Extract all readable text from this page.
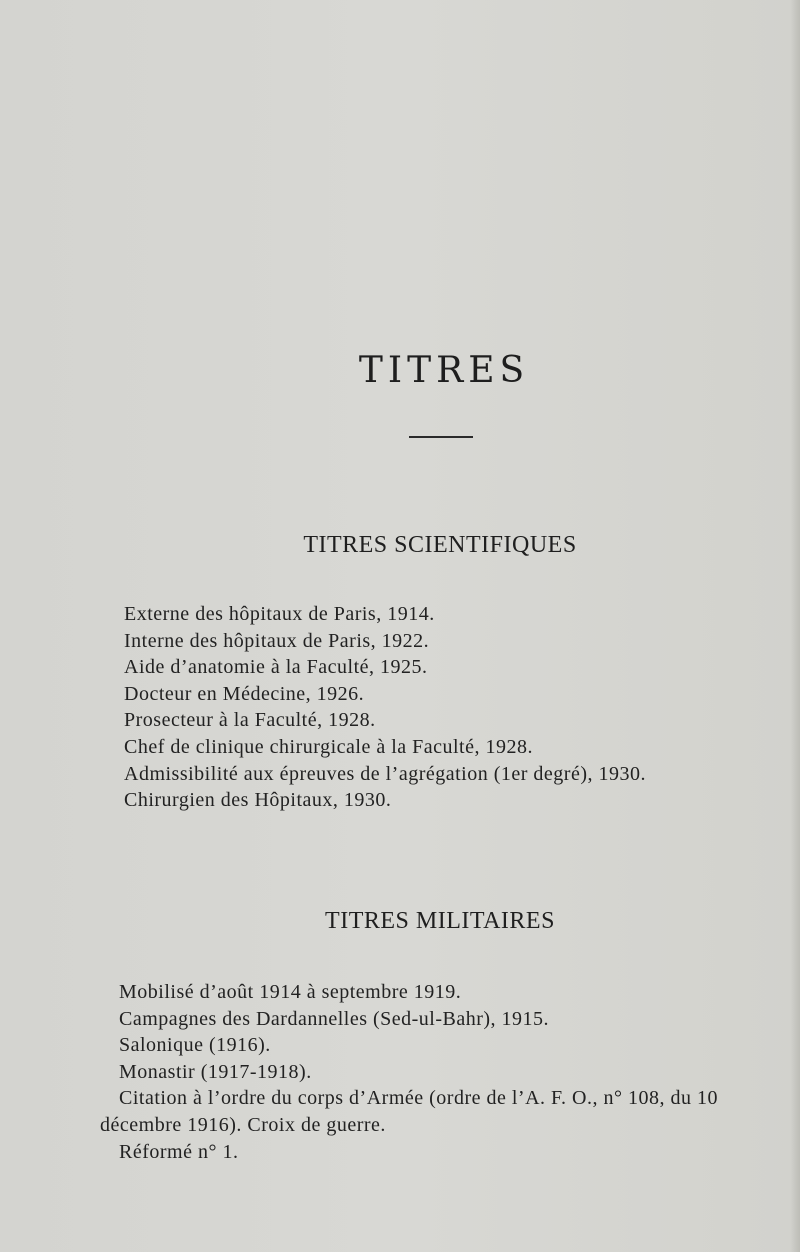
TITRES
TITRES SCIENTIFIQUES
Externe des hôpitaux de Paris, 1914.
Interne des hôpitaux de Paris, 1922.
Aide d’anatomie à la Faculté, 1925.
Docteur en Médecine, 1926.
Prosecteur à la Faculté, 1928.
Chef de clinique chirurgicale à la Faculté, 1928.
Admissibilité aux épreuves de l’agrégation (1er degré), 1930.
Chirurgien des Hôpitaux, 1930.
TITRES MILITAIRES
Mobilisé d’août 1914 à septembre 1919.
Campagnes des Dardannelles (Sed-ul-Bahr), 1915.
Salonique (1916).
Monastir (1917-1918).
Citation à l’ordre du corps d’Armée (ordre de l’A. F. O., n° 108, du 10 décembre 1916). Croix de guerre.
Réformé n° 1.
